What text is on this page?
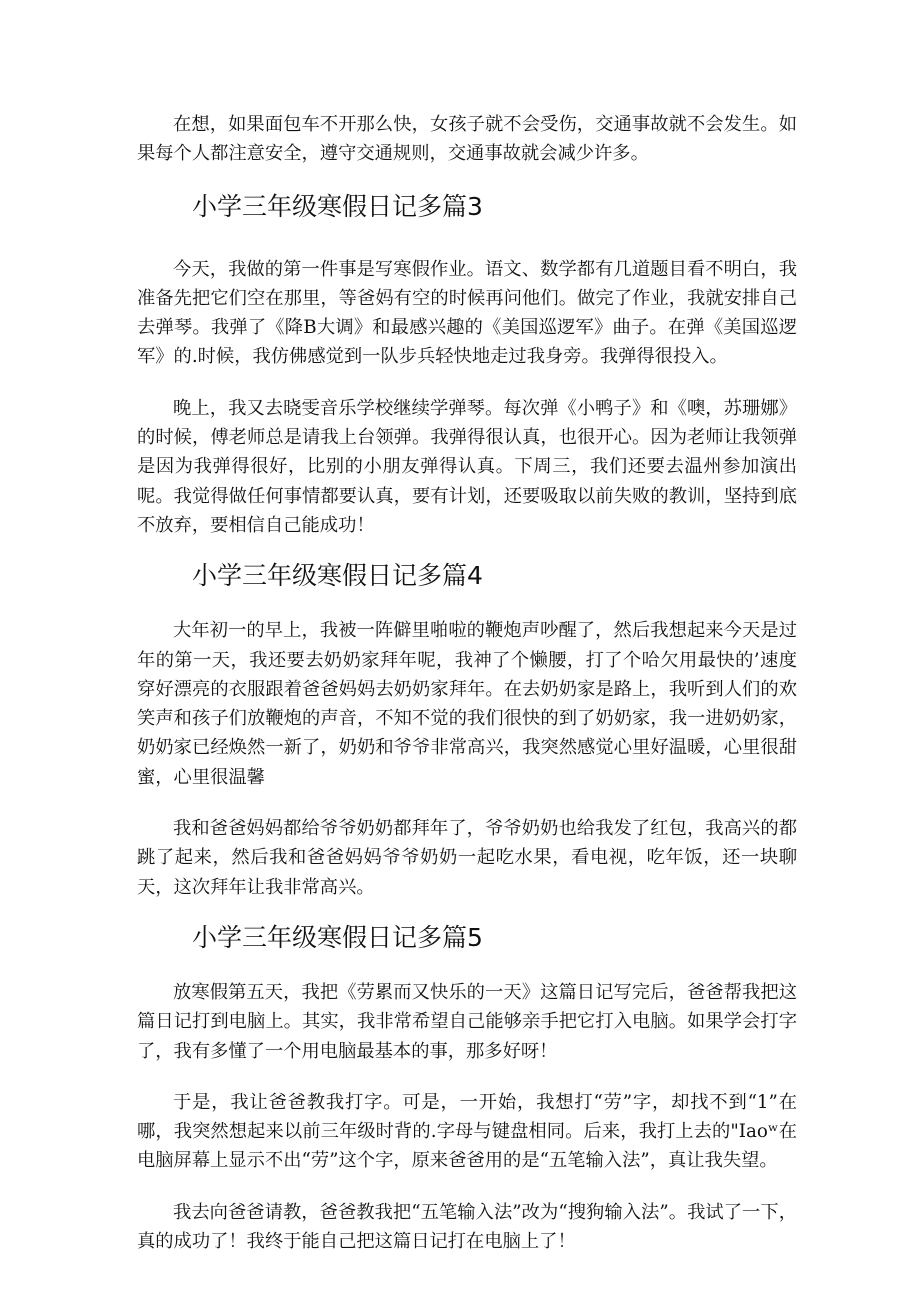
在想，如果面包车不开那么快，女孩子就不会受伤，交通事故就不会发生。如果每个人都注意安全，遵守交通规则，交通事故就会减少许多。

小学三年级寒假日记多篇3

今天，我做的第一件事是写寒假作业。语文、数学都有几道题目看不明白，我准备先把它们空在那里，等爸妈有空的时候再问他们。做完了作业，我就安排自己去弹琴。我弹了《降B大调》和最感兴趣的《美国巡逻军》曲子。在弹《美国巡逻军》的.时候，我仿佛感觉到一队步兵轻快地走过我身旁。我弹得很投入。

晚上，我又去晓雯音乐学校继续学弹琴。每次弹《小鸭子》和《噢，苏珊娜》的时候，傅老师总是请我上台领弹。我弹得很认真，也很开心。因为老师让我领弹是因为我弹得很好，比别的小朋友弹得认真。下周三，我们还要去温州参加演出呢。我觉得做任何事情都要认真，要有计划，还要吸取以前失败的教训，坚持到底不放弃，要相信自己能成功！

小学三年级寒假日记多篇4

大年初一的早上，我被一阵僻里啪啦的鞭炮声吵醒了，然后我想起来今天是过年的第一天，我还要去奶奶家拜年呢，我神了个懒腰，打了个哈欠用最快的’速度穿好漂亮的衣服跟着爸爸妈妈去奶奶家拜年。在去奶奶家是路上，我听到人们的欢笑声和孩子们放鞭炮的声音，不知不觉的我们很快的到了奶奶家，我一进奶奶家，奶奶家已经焕然一新了，奶奶和爷爷非常高兴，我突然感觉心里好温暖，心里很甜蜜，心里很温馨

我和爸爸妈妈都给爷爷奶奶都拜年了，爷爷奶奶也给我发了红包，我高兴的都跳了起来，然后我和爸爸妈妈爷爷奶奶一起吃水果，看电视，吃年饭，还一块聊天，这次拜年让我非常高兴。

小学三年级寒假日记多篇5

放寒假第五天，我把《劳累而又快乐的一天》这篇日记写完后，爸爸帮我把这篇日记打到电脑上。其实，我非常希望自己能够亲手把它打入电脑。如果学会打字了，我有多懂了一个用电脑最基本的事，那多好呀！

于是，我让爸爸教我打字。可是，一开始，我想打“劳”字，却找不到“1”在哪，我突然想起来以前三年级时背的.字母与键盘相同。后来，我打上去的"Iaoʷ在电脑屏幕上显示不出“劳”这个字，原来爸爸用的是“五笔输入法”，真让我失望。

我去向爸爸请教，爸爸教我把“五笔输入法”改为“搜狗输入法”。我试了一下，真的成功了！我终于能自己把这篇日记打在电脑上了！
